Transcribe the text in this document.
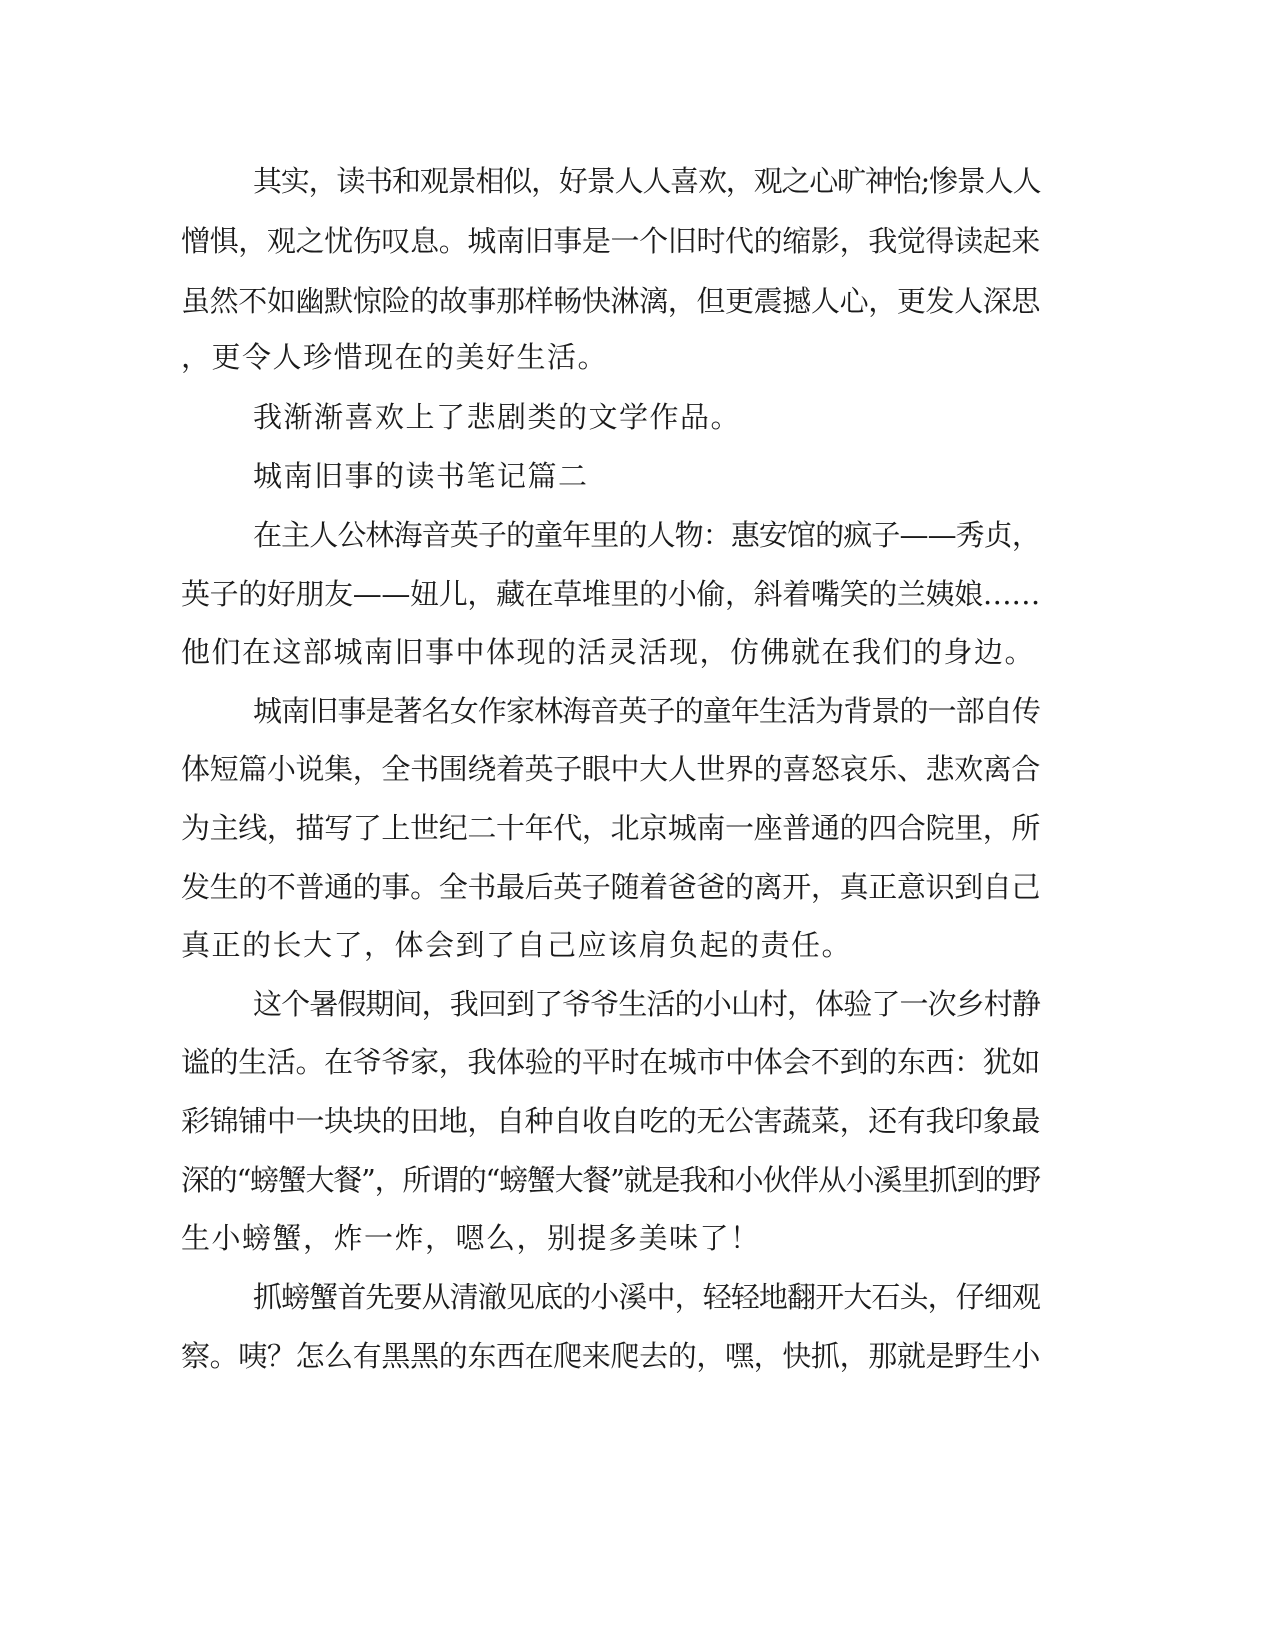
其实，读书和观景相似，好景人人喜欢，观之心旷神怡;惨景人人
憎惧，观之忧伤叹息。城南旧事是一个旧时代的缩影，我觉得读起来
虽然不如幽默惊险的故事那样畅快淋漓，但更震撼人心，更发人深思
，更令人珍惜现在的美好生活。
我渐渐喜欢上了悲剧类的文学作品。
城南旧事的读书笔记篇二
在主人公林海音英子的童年里的人物：惠安馆的疯子——秀贞，
英子的好朋友——妞儿，藏在草堆里的小偷，斜着嘴笑的兰姨娘……
他们在这部城南旧事中体现的活灵活现，仿佛就在我们的身边。
城南旧事是著名女作家林海音英子的童年生活为背景的一部自传
体短篇小说集，全书围绕着英子眼中大人世界的喜怒哀乐、悲欢离合
为主线，描写了上世纪二十年代，北京城南一座普通的四合院里，所
发生的不普通的事。全书最后英子随着爸爸的离开，真正意识到自己
真正的长大了，体会到了自己应该肩负起的责任。
这个暑假期间，我回到了爷爷生活的小山村，体验了一次乡村静
谧的生活。在爷爷家，我体验的平时在城市中体会不到的东西：犹如
彩锦铺中一块块的田地，自种自收自吃的无公害蔬菜，还有我印象最
深的“螃蟹大餐”，所谓的“螃蟹大餐”就是我和小伙伴从小溪里抓到的野
生小螃蟹，炸一炸，嗯么，别提多美味了！
抓螃蟹首先要从清澈见底的小溪中，轻轻地翻开大石头，仔细观
察。咦？怎么有黑黑的东西在爬来爬去的，嘿，快抓，那就是野生小
